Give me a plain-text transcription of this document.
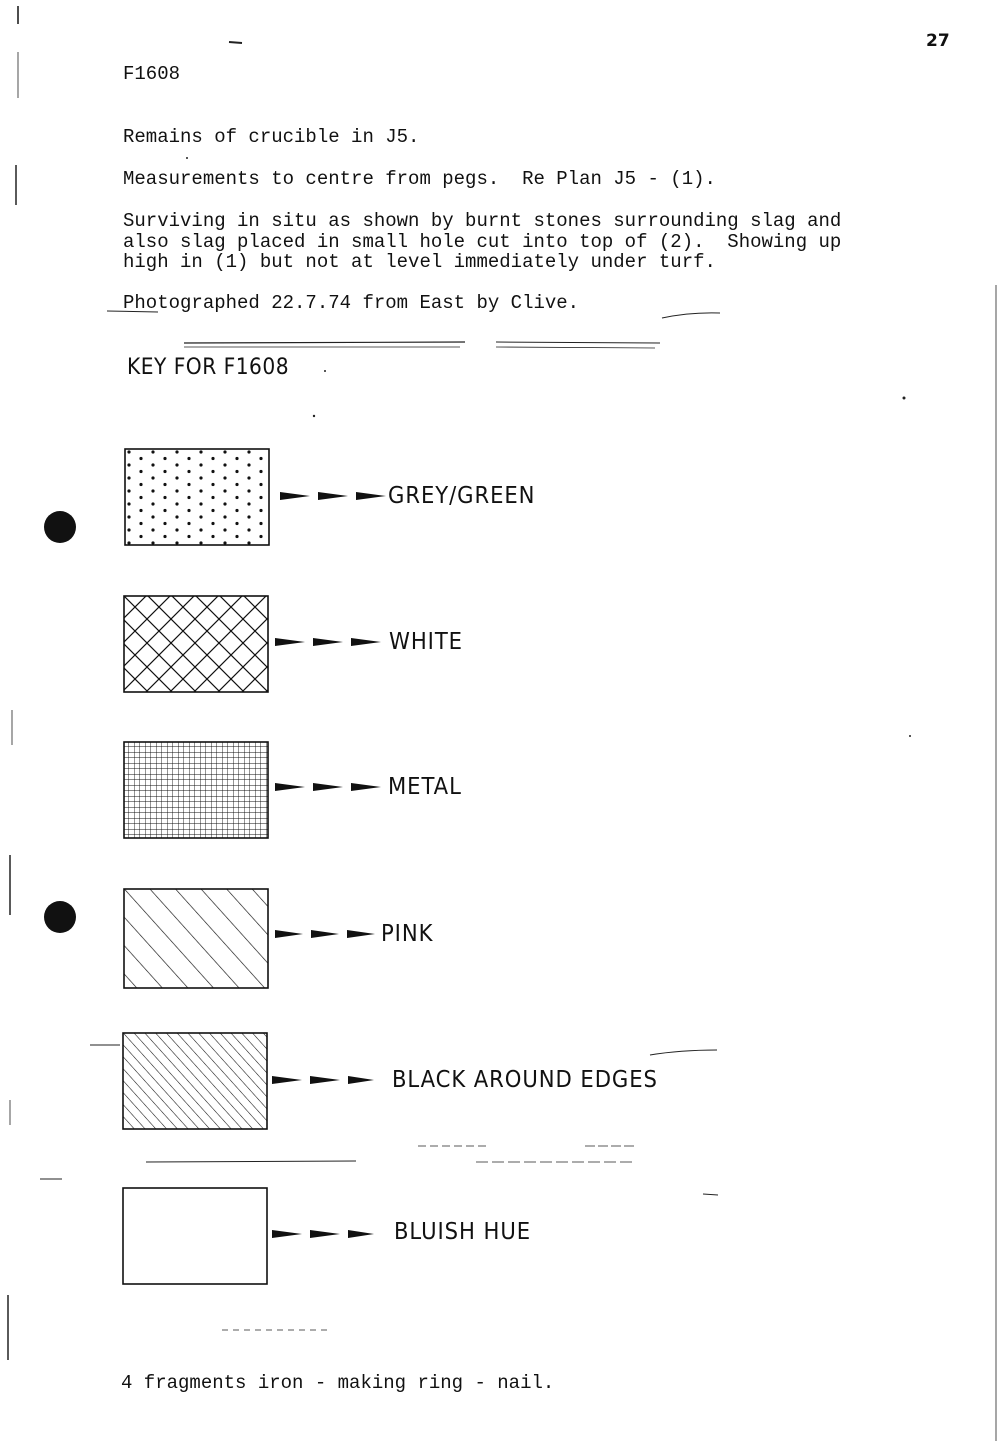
27
F1608
Remains of crucible in J5.
Measurements to centre from pegs.  Re Plan J5 - (1).
Surviving in situ as shown by burnt stones surrounding slag and
also slag placed in small hole cut into top of (2).  Showing up
high in (1) but not at level immediately under turf.
Photographed 22.7.74 from East by Clive.
KEY FOR F1608
GREY/GREEN
WHITE
METAL
PINK
BLACK AROUND EDGES
BLUISH HUE
4 fragments iron - making ring - nail.
